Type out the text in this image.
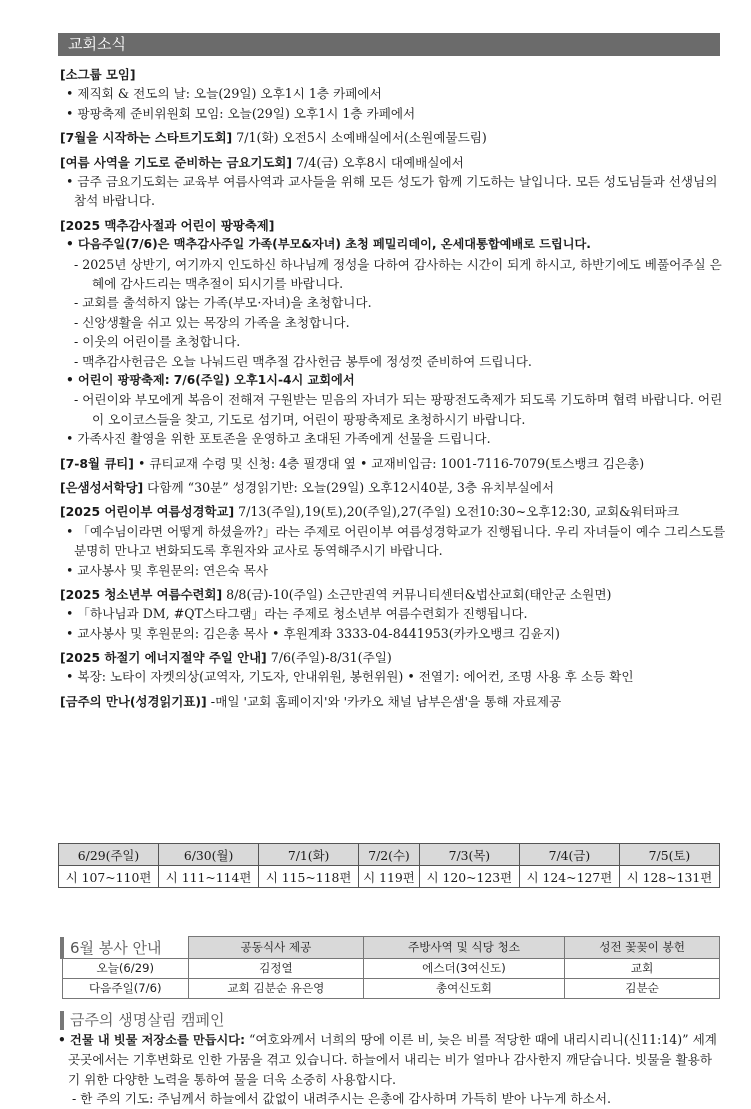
교회소식
[소그룹 모임]
• 제직회 & 전도의 날: 오늘(29일) 오후1시 1층 카페에서
• 팡팡축제 준비위원회 모임: 오늘(29일) 오후1시 1층 카페에서
[7월을 시작하는 스타트기도회] 7/1(화) 오전5시 소예배실에서(소원예물드림)
[여름 사역을 기도로 준비하는 금요기도회] 7/4(금) 오후8시 대예배실에서
• 금주 금요기도회는 교육부 여름사역과 교사들을 위해 모든 성도가 함께 기도하는 날입니다. 모든 성도님들과 선생님의 참석 바랍니다.
[2025 맥추감사절과 어린이 팡팡축제]
• 다음주일(7/6)은 맥추감사주일 가족(부모&자녀) 초청 페밀리데이, 온세대통합예배로 드립니다.
- 2025년 상반기, 여기까지 인도하신 하나님께 정성을 다하여 감사하는 시간이 되게 하시고, 하반기에도 베풀어주실 은혜에 감사드리는 맥추절이 되시기를 바랍니다.
- 교회를 출석하지 않는 가족(부모·자녀)을 초청합니다.
- 신앙생활을 쉬고 있는 목장의 가족을 초청합니다.
- 이웃의 어린이를 초청합니다.
- 맥추감사헌금은 오늘 나눠드린 맥추절 감사헌금 봉투에 정성껏 준비하여 드립니다.
• 어린이 팡팡축제: 7/6(주일) 오후1시-4시 교회에서
- 어린이와 부모에게 복음이 전해져 구원받는 믿음의 자녀가 되는 팡팡전도축제가 되도록 기도하며 협력 바랍니다. 어린이 오이코스들을 찾고, 기도로 섬기며, 어린이 팡팡축제로 초청하시기 바랍니다.
• 가족사진 촬영을 위한 포토존을 운영하고 초대된 가족에게 선물을 드립니다.
[7-8월 큐티] • 큐티교재 수령 및 신청: 4층 필갱대 옆 • 교재비입금: 1001-7116-7079(토스뱅크 김은총)
[은샘성서학당] 다함께 “30분” 성경읽기반: 오늘(29일) 오후12시40분, 3층 유치부실에서
[2025 어린이부 여름성경학교] 7/13(주일),19(토),20(주일),27(주일) 오전10:30~오후12:30, 교회&워터파크
• 「예수님이라면 어떻게 하셨을까?」라는 주제로 어린이부 여름성경학교가 진행됩니다. 우리 자녀들이 예수 그리스도를 분명히 만나고 변화되도록 후원자와 교사로 동역해주시기 바랍니다.
• 교사봉사 및 후원문의: 연은숙 목사
[2025 청소년부 여름수련회] 8/8(금)-10(주일) 소근만권역 커뮤니티센터&법산교회(태안군 소원면)
• 「하나님과 DM, #QT스타그램」라는 주제로 청소년부 여름수련회가 진행됩니다.
• 교사봉사 및 후원문의: 김은총 목사 • 후원계좌 3333-04-8441953(카카오뱅크 김윤지)
[2025 하절기 에너지절약 주일 안내] 7/6(주일)-8/31(주일)
• 복장: 노타이 자켓의상(교역자, 기도자, 안내위원, 봉헌위원) • 전열기: 에어컨, 조명 사용 후 소등 확인
[금주의 만나(성경읽기표)] -매일 '교회 홈페이지'와 '카카오 채널 남부은샘'을 통해 자료제공
6/29(주일)	6/30(월)	7/1(화)	7/2(수)	7/3(목)	7/4(금)	7/5(토)
시 107~110편	시 111~114편	시 115~118편	시 119편	시 120~123편	시 124~127편	시 128~131편
6월 봉사 안내	공동식사 제공	주방사역 및 식당 청소	성전 꽃꽂이 봉헌
오늘(6/29)	김정열	에스더(3여신도)	교회
다음주일(7/6)	교회 김분순 유은영	총여신도회	김분순
금주의 생명살림 캠페인
• 건물 내 빗물 저장소를 만듭시다: “여호와께서 너희의 땅에 이른 비, 늦은 비를 적당한 때에 내리시리니(신11:14)” 세계 곳곳에서는 기후변화로 인한 가뭄을 겪고 있습니다. 하늘에서 내리는 비가 얼마나 감사한지 깨닫습니다. 빗물을 활용하기 위한 다양한 노력을 통하여 물을 더욱 소중히 사용합시다.
- 한 주의 기도: 주님께서 하늘에서 값없이 내려주시는 은총에 감사하며 가득히 받아 나누게 하소서.
